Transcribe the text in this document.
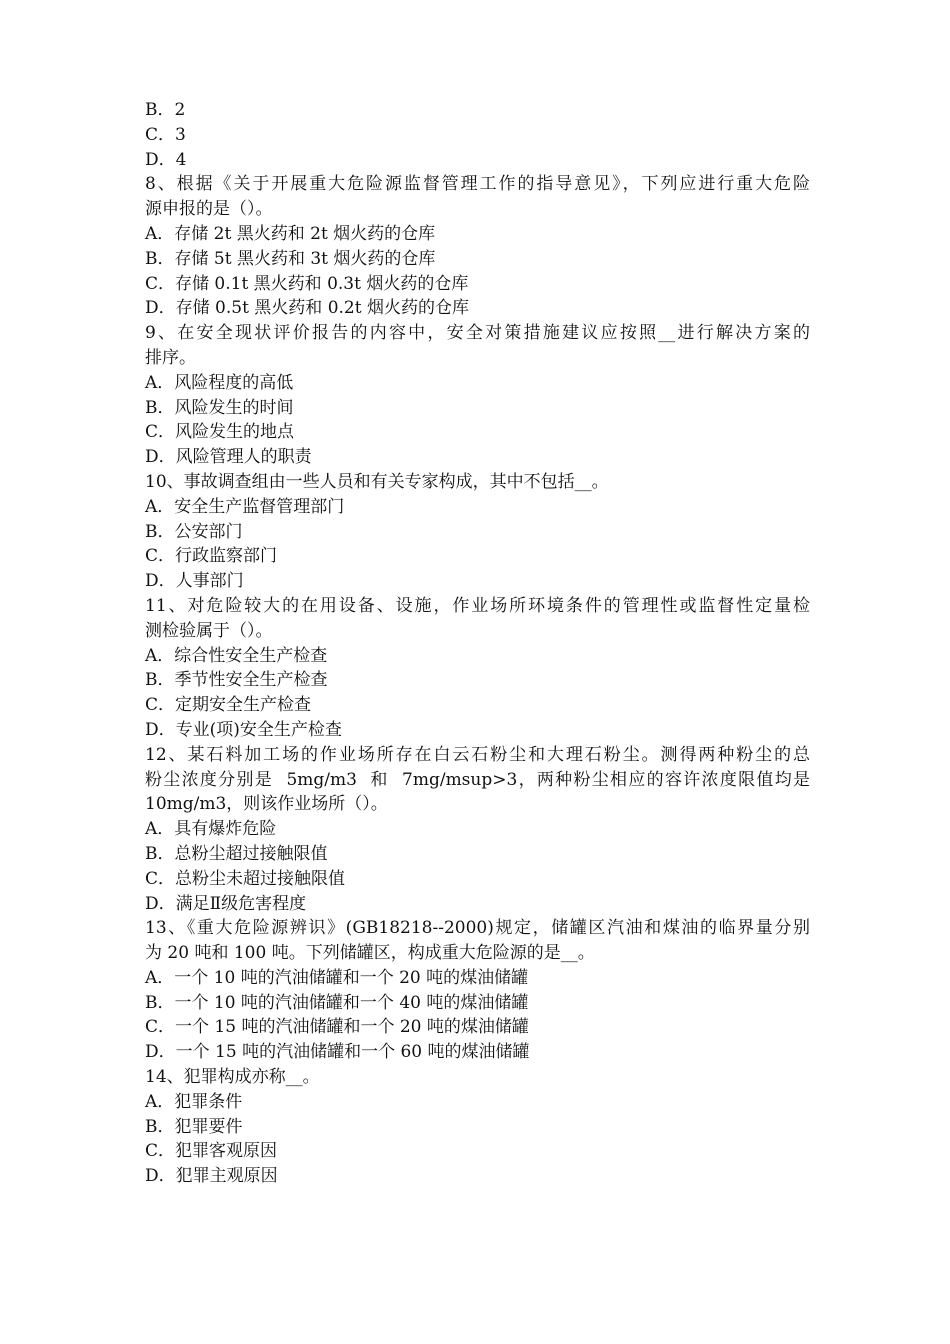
B．2
C．3
D．4
8、根据《关于开展重大危险源监督管理工作的指导意见》，下列应进行重大危险
源申报的是（）。
A．存储 2t 黑火药和 2t 烟火药的仓库
B．存储 5t 黑火药和 3t 烟火药的仓库
C．存储 0.1t 黑火药和 0.3t 烟火药的仓库
D．存储 0.5t 黑火药和 0.2t 烟火药的仓库
9、在安全现状评价报告的内容中，安全对策措施建议应按照__进行解决方案的
排序。
A．风险程度的高低
B．风险发生的时间
C．风险发生的地点
D．风险管理人的职责
10、事故调查组由一些人员和有关专家构成，其中不包括__。
A．安全生产监督管理部门
B．公安部门
C．行政监察部门
D．人事部门
11、对危险较大的在用设备、设施，作业场所环境条件的管理性或监督性定量检
测检验属于（）。
A．综合性安全生产检查
B．季节性安全生产检查
C．定期安全生产检查
D．专业(项)安全生产检查
12、某石料加工场的作业场所存在白云石粉尘和大理石粉尘。测得两种粉尘的总
粉尘浓度分别是  5mg/m3  和  7mg/msup>3，两种粉尘相应的容许浓度限值均是
10mg/m3，则该作业场所（）。
A．具有爆炸危险
B．总粉尘超过接触限值
C．总粉尘未超过接触限值
D．满足Ⅱ级危害程度
13、《重大危险源辨识》(GB18218--2000)规定，储罐区汽油和煤油的临界量分别
为 20 吨和 100 吨。下列储罐区，构成重大危险源的是__。
A．一个 10 吨的汽油储罐和一个 20 吨的煤油储罐
B．一个 10 吨的汽油储罐和一个 40 吨的煤油储罐
C．一个 15 吨的汽油储罐和一个 20 吨的煤油储罐
D．一个 15 吨的汽油储罐和一个 60 吨的煤油储罐
14、犯罪构成亦称__。
A．犯罪条件
B．犯罪要件
C．犯罪客观原因
D．犯罪主观原因
